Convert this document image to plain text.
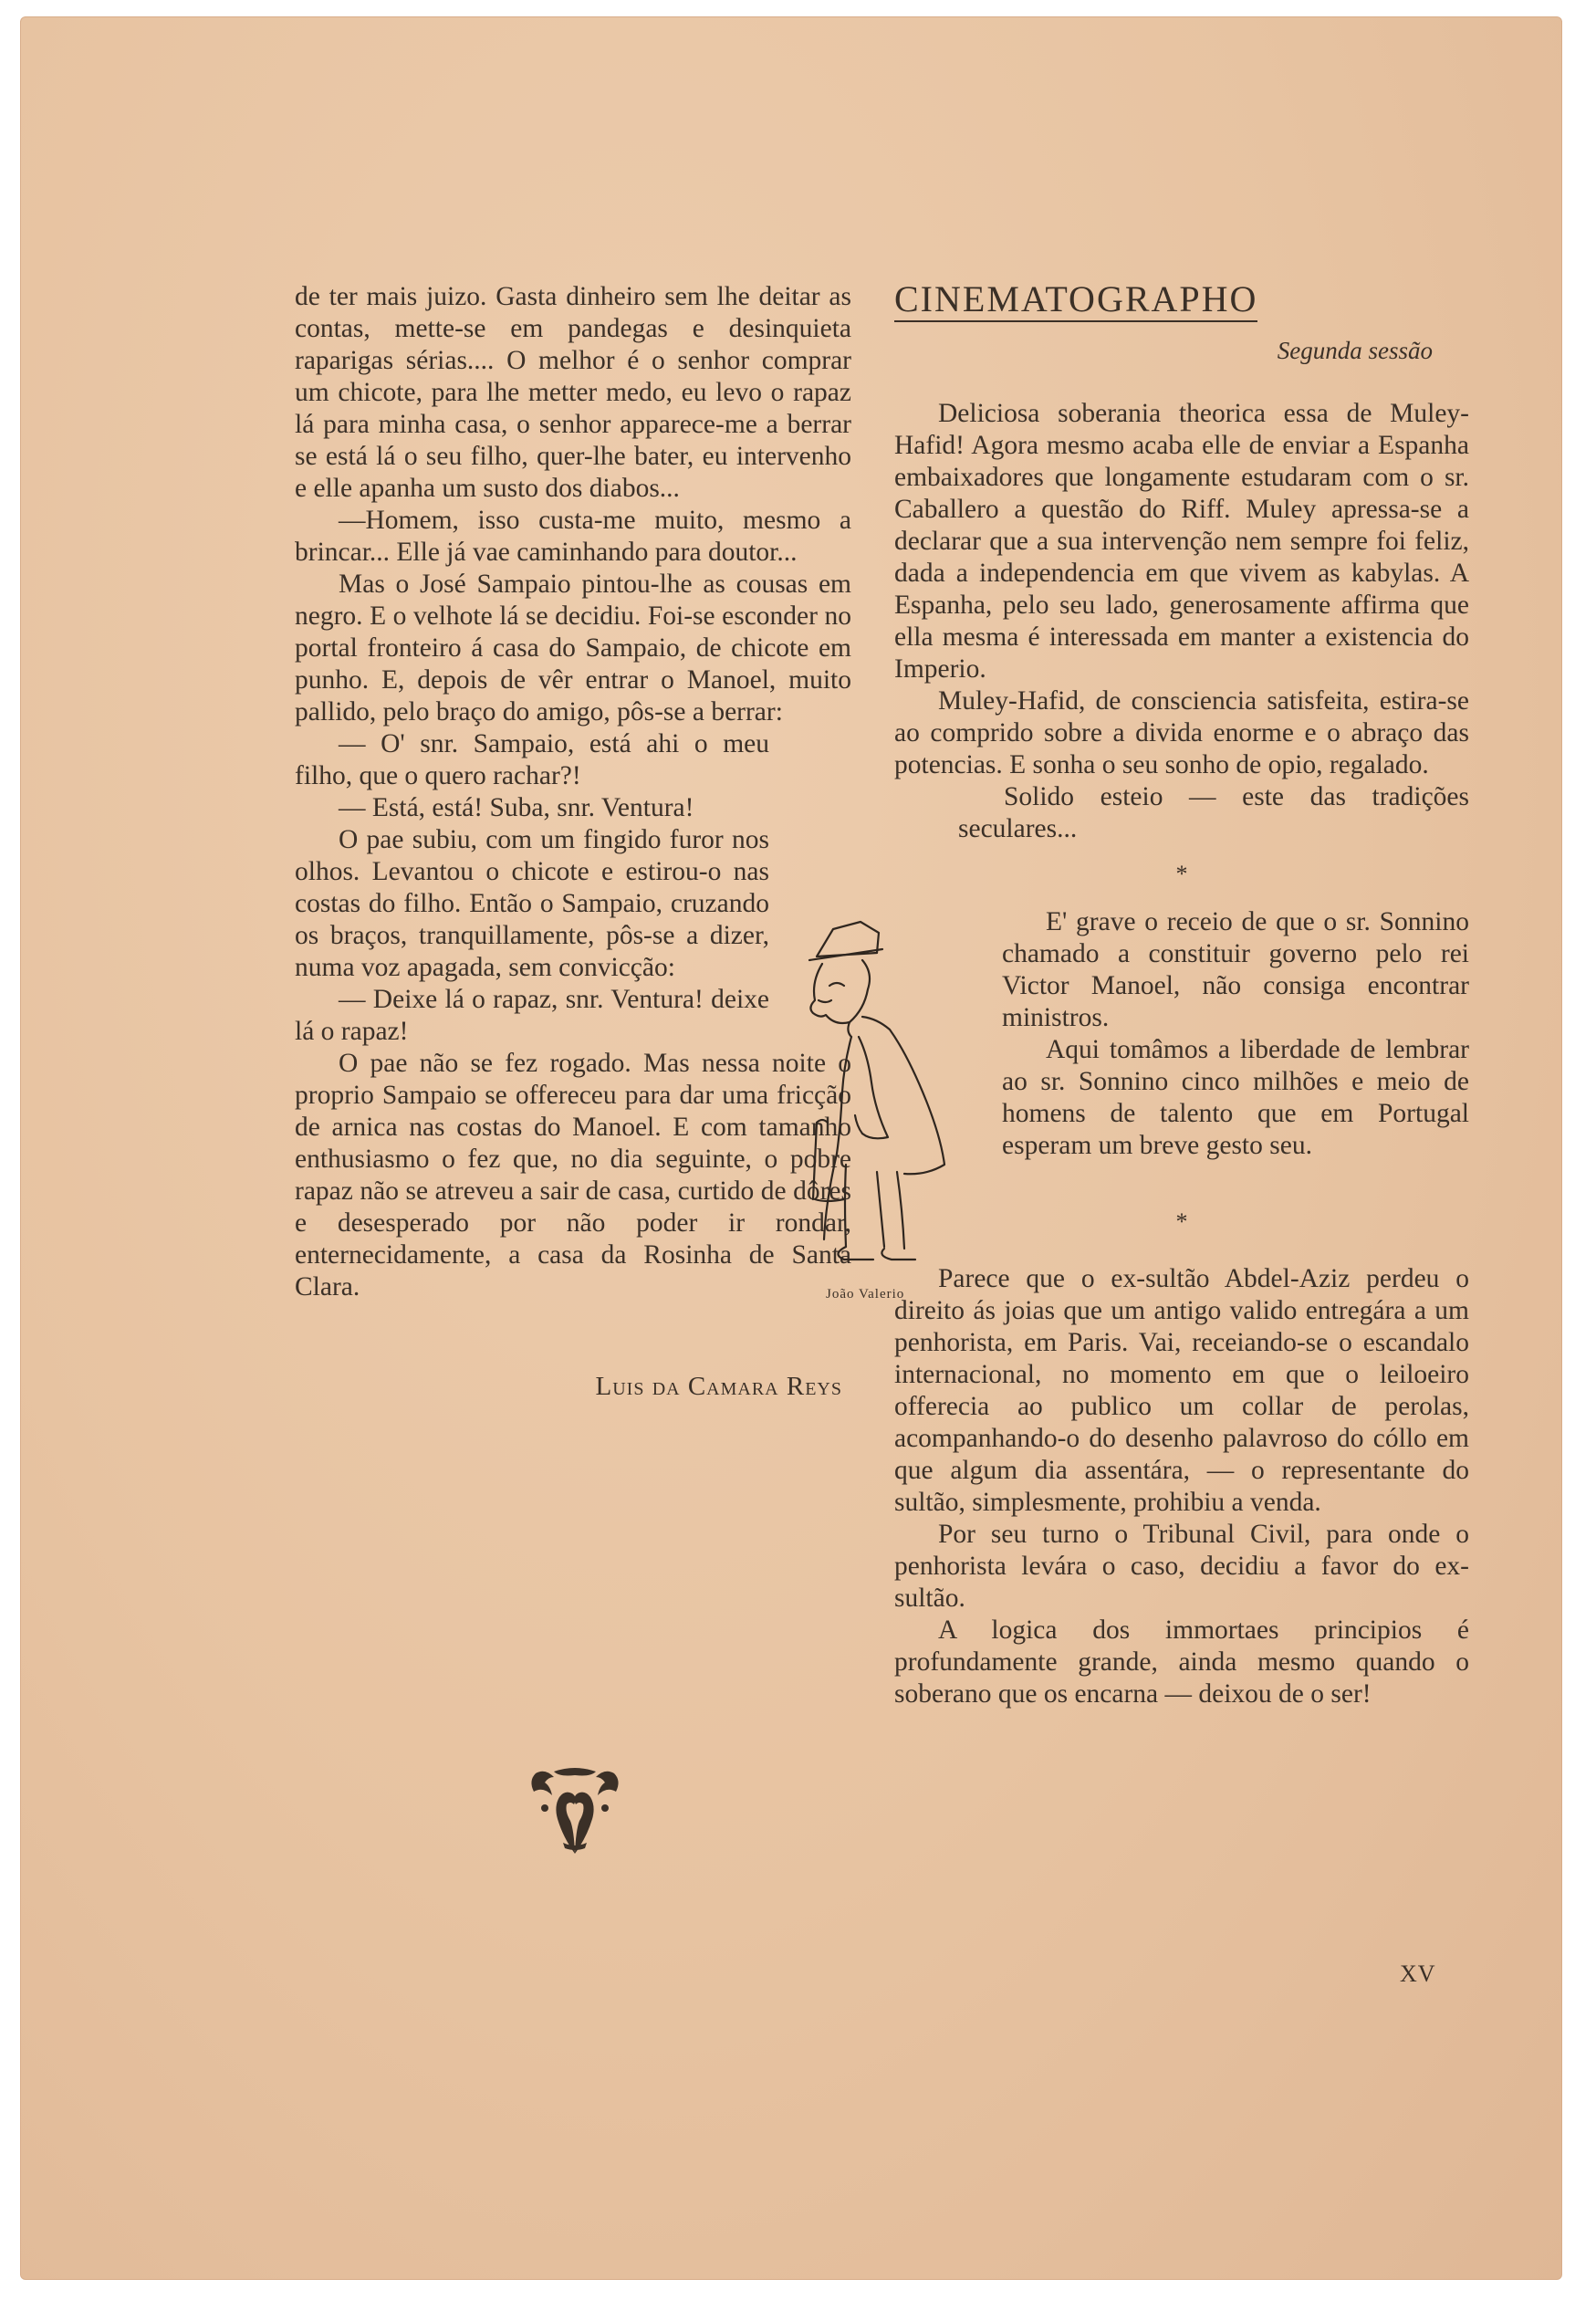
de ter mais juizo. Gasta dinheiro sem lhe deitar as contas, mette-se em pandegas e desinquieta raparigas sérias.... O melhor é o senhor comprar um chicote, para lhe metter medo, eu levo o rapaz lá para minha casa, o senhor apparece-me a berrar se está lá o seu filho, quer-lhe bater, eu intervenho e elle apanha um susto dos diabos...

—Homem, isso custa-me muito, mesmo a brincar... Elle já vae caminhando para doutor...

Mas o José Sampaio pintou-lhe as cousas em negro. E o velhote lá se decidiu. Foi-se esconder no portal fronteiro á casa do Sampaio, de chicote em punho. E, depois de vêr entrar o Manoel, muito pallido, pelo braço do amigo, pôs-se a berrar:

— O' snr. Sampaio, está ahi o meu filho, que o quero rachar?!

— Está, está! Suba, snr. Ventura!

O pae subiu, com um fingido furor nos olhos. Levantou o chicote e estirou-o nas costas do filho. Então o Sampaio, cruzando os braços, tranquillamente, pôs-se a dizer, numa voz apagada, sem convicção:

— Deixe lá o rapaz, snr. Ventura! deixe lá o rapaz!

O pae não se fez rogado. Mas nessa noite o proprio Sampaio se offereceu para dar uma fricção de arnica nas costas do Manoel. E com tamanho enthusiasmo o fez que, no dia seguinte, o pobre rapaz não se atreveu a sair de casa, curtido de dôres e desesperado por não poder ir rondar, enternecidamente, a casa da Rosinha de Santa Clara.

Luis da Camara Reys
João Valerio
CINEMATOGRAPHO
Segunda sessão

Deliciosa soberania theorica essa de Muley-Hafid! Agora mesmo acaba elle de enviar a Espanha embaixadores que longamente estudaram com o sr. Caballero a questão do Riff. Muley apressa-se a declarar que a sua intervenção nem sempre foi feliz, dada a independencia em que vivem as kabylas. A Espanha, pelo seu lado, generosamente affirma que ella mesma é interessada em manter a existencia do Imperio.

Muley-Hafid, de consciencia satisfeita, estira-se ao comprido sobre a divida enorme e o abraço das potencias. E sonha o seu sonho de opio, regalado.

Solido esteio — este das tradições seculares...

*

E' grave o receio de que o sr. Sonnino chamado a constituir governo pelo rei Victor Manoel, não consiga encontrar ministros.

Aqui tomâmos a liberdade de lembrar ao sr. Sonnino cinco milhões e meio de homens de talento que em Portugal esperam um breve gesto seu.

*

Parece que o ex-sultão Abdel-Aziz perdeu o direito ás joias que um antigo valido entregára a um penhorista, em Paris. Vai, receiando-se o escandalo internacional, no momento em que o leiloeiro offerecia ao publico um collar de perolas, acompanhando-o do desenho palavroso do cóllo em que algum dia assentára, — o representante do sultão, simplesmente, prohibiu a venda.

Por seu turno o Tribunal Civil, para onde o penhorista levára o caso, decidiu a favor do ex-sultão.

A logica dos immortaes principios é profundamente grande, ainda mesmo quando o soberano que os encarna — deixou de o ser!

XV
